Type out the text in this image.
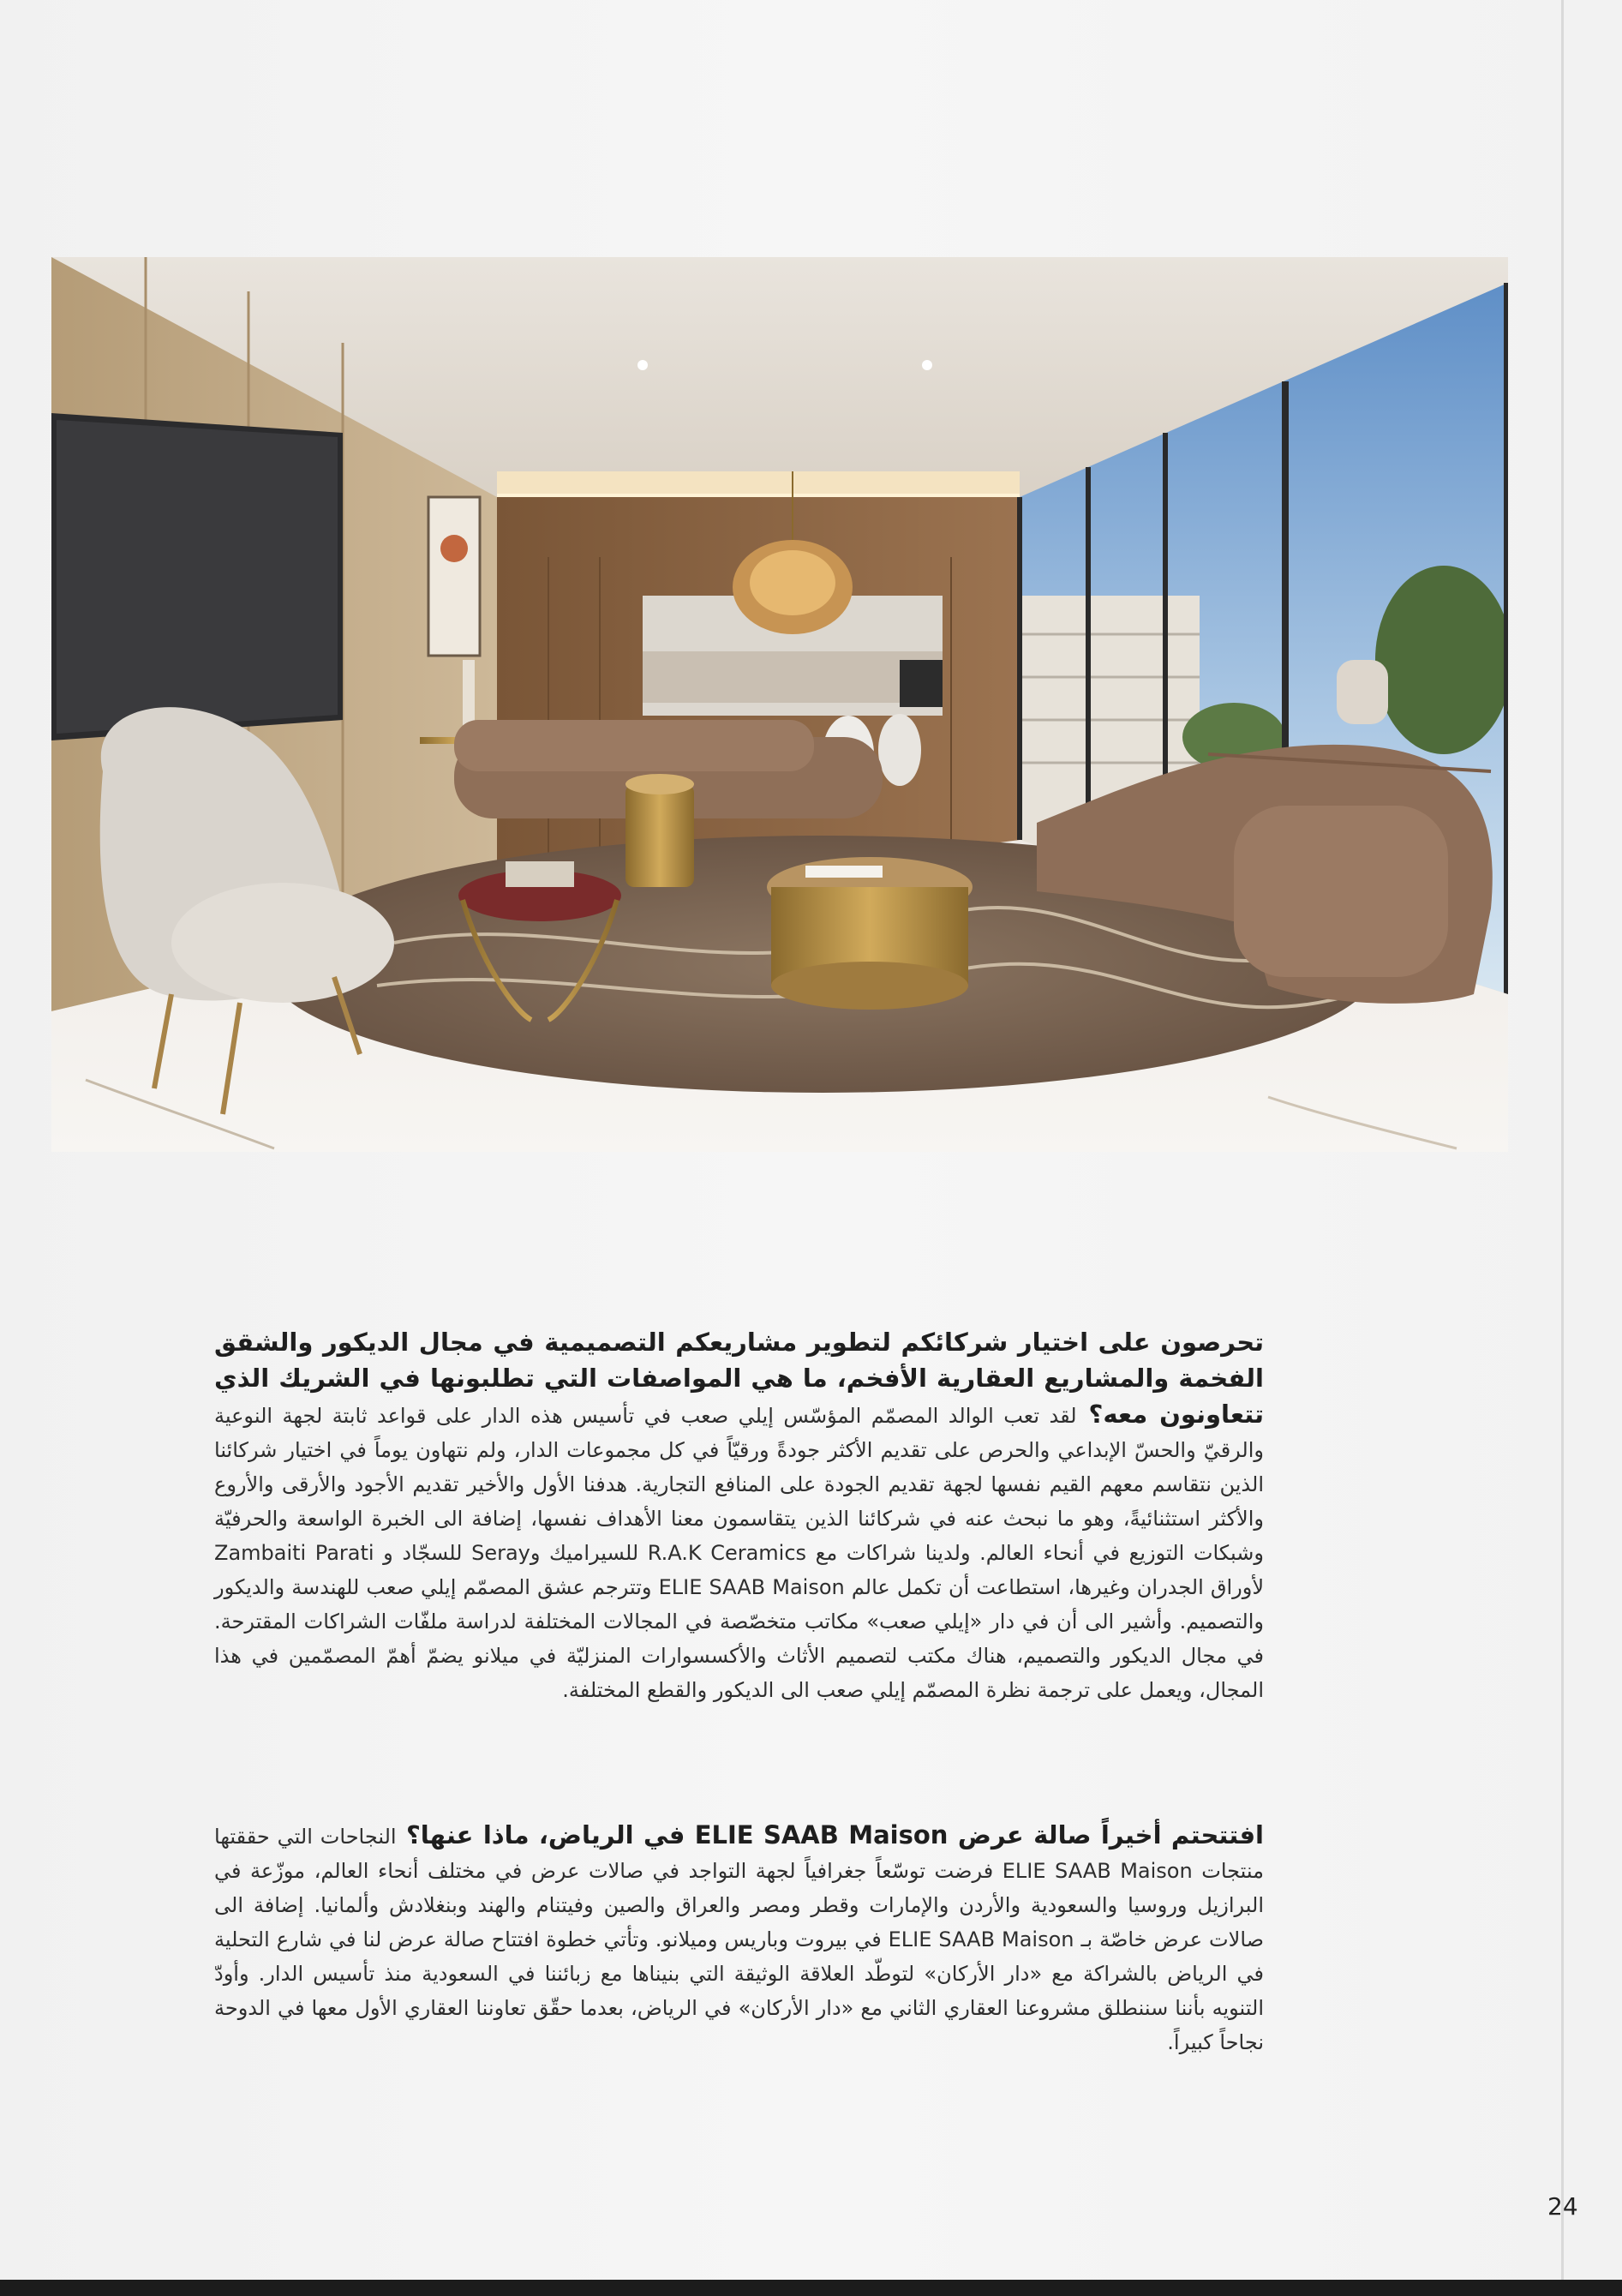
تحرصون على اختيار شركائكم لتطوير مشاريعكم التصميمية في مجال الديكور والشقق الفخمة والمشاريع العقارية الأفخم، ما هي المواصفات التي تطلبونها في الشريك الذي تتعاونون معه؟ لقد تعب الوالد المصمّم المؤسّس إيلي صعب في تأسيس هذه الدار على قواعد ثابتة لجهة النوعية والرقيّ والحسّ الإبداعي والحرص على تقديم الأكثر جودةً ورقيّاً في كل مجموعات الدار، ولم نتهاون يوماً في اختيار شركائنا الذين نتقاسم معهم القيم نفسها لجهة تقديم الجودة على المنافع التجارية. هدفنا الأول والأخير تقديم الأجود والأرقى والأروع والأكثر استثنائيةً، وهو ما نبحث عنه في شركائنا الذين يتقاسمون معنا الأهداف نفسها، إضافة الى الخبرة الواسعة والحرفيّة وشبكات التوزيع في أنحاء العالم. ولدينا شراكات مع R.A.K Ceramics للسيراميك وSeray للسجّاد و Zambaiti Parati لأوراق الجدران وغيرها، استطاعت أن تكمل عالم ELIE SAAB Maison وتترجم عشق المصمّم إيلي صعب للهندسة والديكور والتصميم. وأشير الى أن في دار «إيلي صعب» مكاتب متخصّصة في المجالات المختلفة لدراسة ملفّات الشراكات المقترحة. في مجال الديكور والتصميم، هناك مكتب لتصميم الأثاث والأكسسوارات المنزليّة في ميلانو يضمّ أهمّ المصمّمين في هذا المجال، ويعمل على ترجمة نظرة المصمّم إيلي صعب الى الديكور والقطع المختلفة.
افتتحتم أخيراً صالة عرض ELIE SAAB Maison في الرياض، ماذا عنها؟ النجاحات التي حققتها منتجات ELIE SAAB Maison فرضت توسّعاً جغرافياً لجهة التواجد في صالات عرض في مختلف أنحاء العالم، موزّعة في البرازيل وروسيا والسعودية والأردن والإمارات وقطر ومصر والعراق والصين وفيتنام والهند وبنغلادش وألمانيا. إضافة الى صالات عرض خاصّة بـ ELIE SAAB Maison في بيروت وباريس وميلانو. وتأتي خطوة افتتاح صالة عرض لنا في شارع التحلية في الرياض بالشراكة مع «دار الأركان» لتوطّد العلاقة الوثيقة التي بنيناها مع زبائننا في السعودية منذ تأسيس الدار. وأودّ التنويه بأننا سننطلق مشروعنا العقاري الثاني مع «دار الأركان» في الرياض، بعدما حقّق تعاوننا العقاري الأول معها في الدوحة نجاحاً كبيراً.
24
